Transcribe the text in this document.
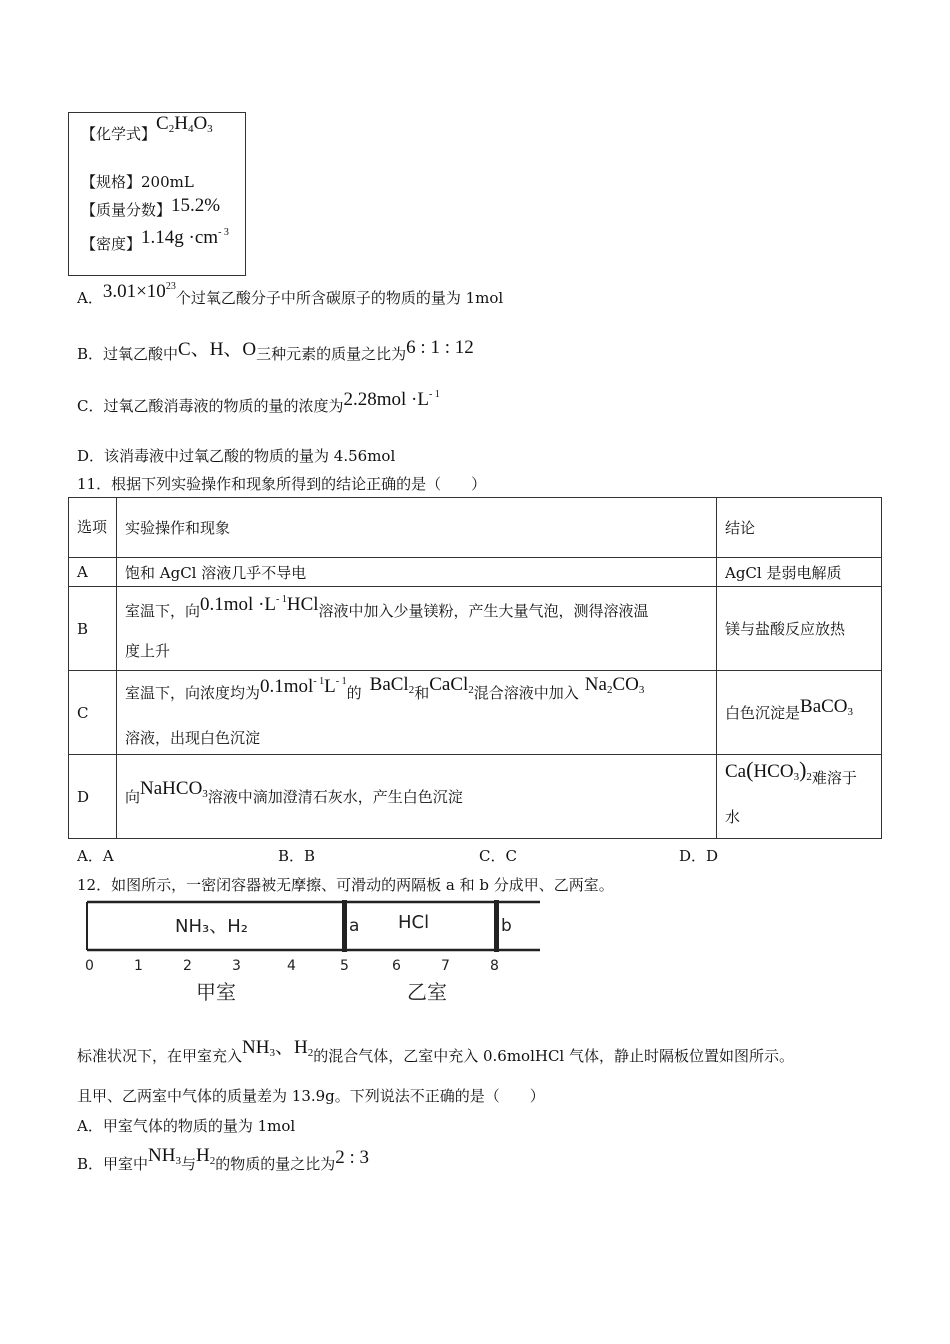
【化学式】$C_2H_4O_3$
【规格】200mL
【质量分数】15.2%
【密度】$1.14g \cdot cm^{- 3}$
A．$3.01\times 10^{23}$个过氧乙酸分子中所含碳原子的物质的量为 1mol
B．过氧乙酸中C、H、O三种元素的质量之比为6 : 1 : 12
C．过氧乙酸消毒液的物质的量的浓度为$2.28mol \cdot L^{- 1}$
D．该消毒液中过氧乙酸的物质的量为 4.56mol
11．根据下列实验操作和现象所得到的结论正确的是（　　）
选项	实验操作和现象	结论
A	饱和 AgCl 溶液几乎不导电	AgCl 是弱电解质
B	室温下，向$0.1mol \cdot L^{- 1}HCl$溶液中加入少量镁粉，产生大量气泡，测得溶液温
度上升	镁与盐酸反应放热
C	室温下，向浓度均为$0.1mol^{- 1}L^{- 1}$的 BaCl$_2$和CaCl$_2$混合溶液中加入 $Na_2CO_3$
溶液，出现白色沉淀	白色沉淀是BaCO$_3$
D	向NaHCO$_3$溶液中滴加澄清石灰水，产生白色沉淀	$Ca(HCO_3)_2$难溶于
水
A．A	B．B	C．C	D．D
12．如图所示，一密闭容器被无摩擦、可滑动的两隔板 a 和 b 分成甲、乙两室。
NH₃、H₂	HCl
a	b
0	1	2	3	4	5	6	7	8
甲室	乙室
标准状况下，在甲室充入$NH_3$、$H_2$的混合气体，乙室中充入 0.6molHCl 气体，静止时隔板位置如图所示。
且甲、乙两室中气体的质量差为 13.9g。下列说法不正确的是（　　）
A．甲室气体的物质的量为 1mol
B．甲室中$NH_3$与$H_2$的物质的量之比为2 : 3
